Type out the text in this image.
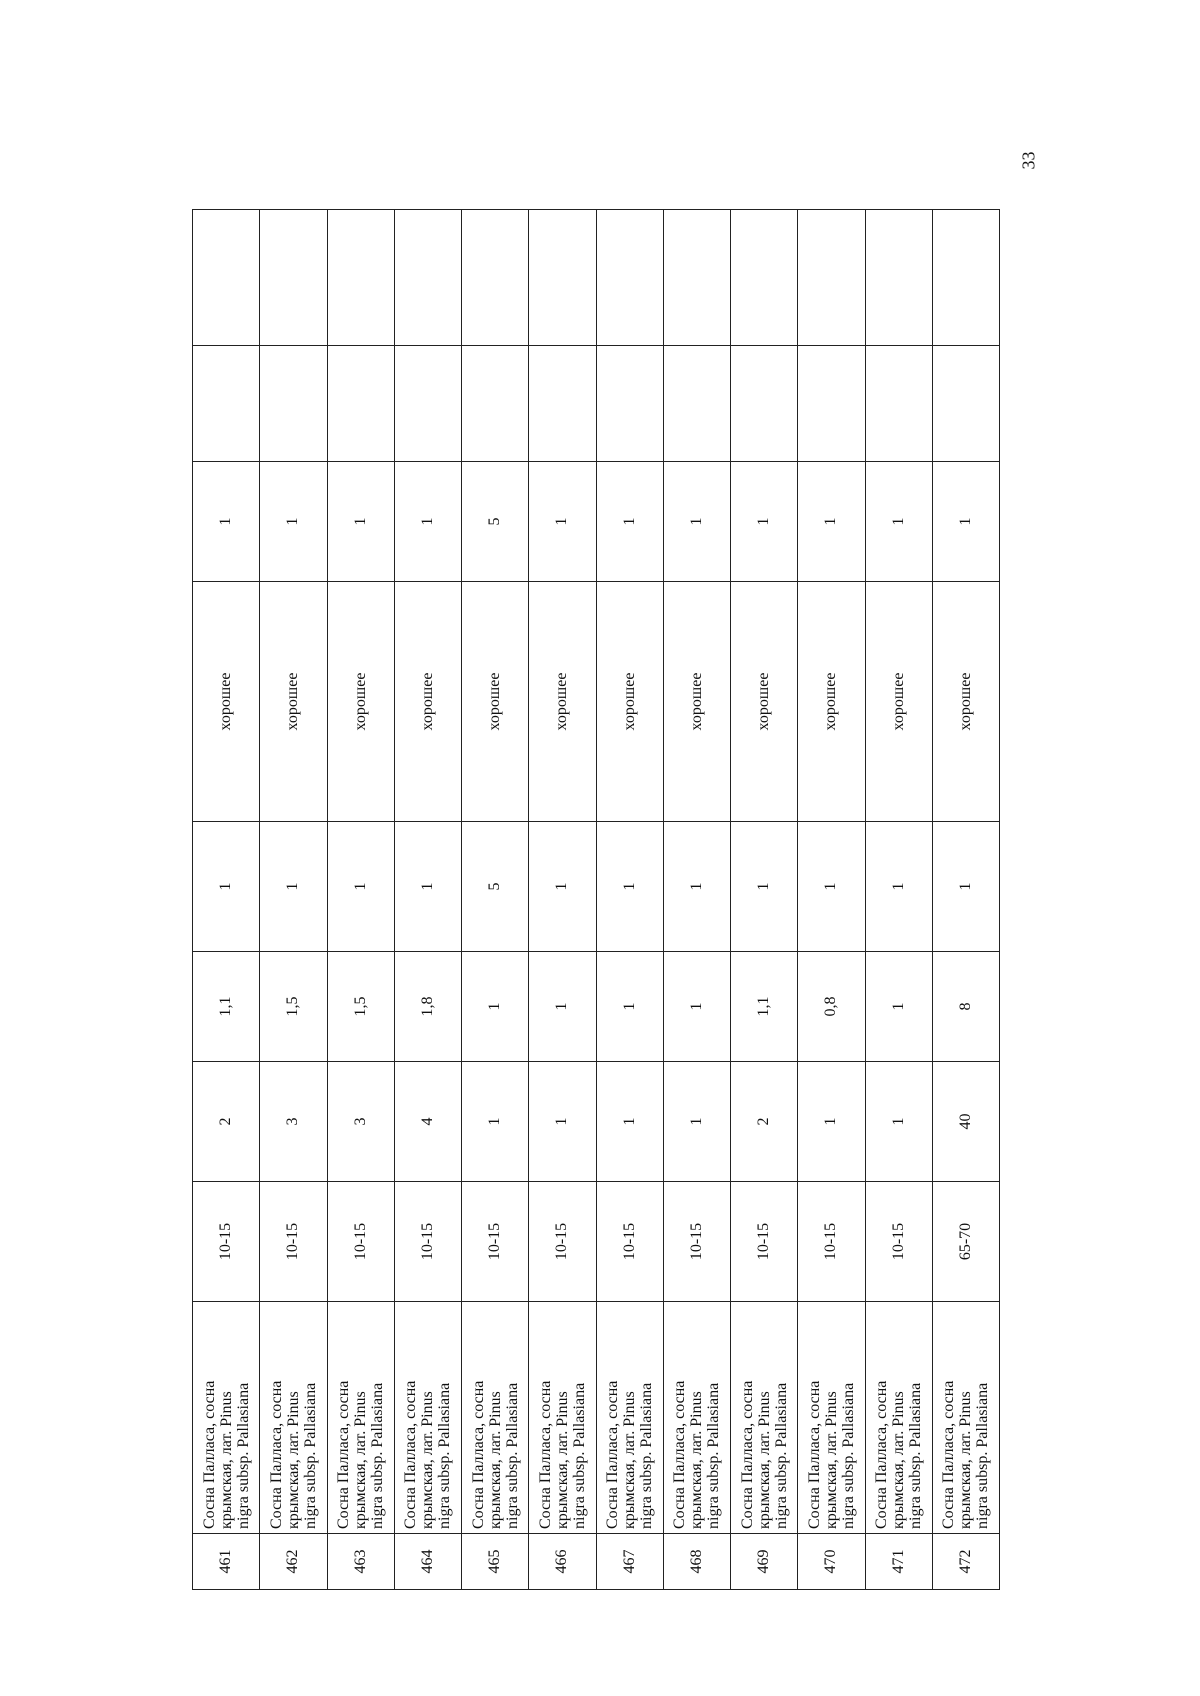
33
461	Сосна Палласа, сосна крымская, лат. Pinus nigra subsp. Pallasiana	10-15	2	1,1	1	хорошее	1		
462	Сосна Палласа, сосна крымская, лат. Pinus nigra subsp. Pallasiana	10-15	3	1,5	1	хорошее	1		
463	Сосна Палласа, сосна крымская, лат. Pinus nigra subsp. Pallasiana	10-15	3	1,5	1	хорошее	1		
464	Сосна Палласа, сосна крымская, лат. Pinus nigra subsp. Pallasiana	10-15	4	1,8	1	хорошее	1		
465	Сосна Палласа, сосна крымская, лат. Pinus nigra subsp. Pallasiana	10-15	1	1	5	хорошее	5		
466	Сосна Палласа, сосна крымская, лат. Pinus nigra subsp. Pallasiana	10-15	1	1	1	хорошее	1		
467	Сосна Палласа, сосна крымская, лат. Pinus nigra subsp. Pallasiana	10-15	1	1	1	хорошее	1		
468	Сосна Палласа, сосна крымская, лат. Pinus nigra subsp. Pallasiana	10-15	1	1	1	хорошее	1		
469	Сосна Палласа, сосна крымская, лат. Pinus nigra subsp. Pallasiana	10-15	2	1,1	1	хорошее	1		
470	Сосна Палласа, сосна крымская, лат. Pinus nigra subsp. Pallasiana	10-15	1	0,8	1	хорошее	1		
471	Сосна Палласа, сосна крымская, лат. Pinus nigra subsp. Pallasiana	10-15	1	1	1	хорошее	1		
472	Сосна Палласа, сосна крымская, лат. Pinus nigra subsp. Pallasiana	65-70	40	8	1	хорошее	1		
